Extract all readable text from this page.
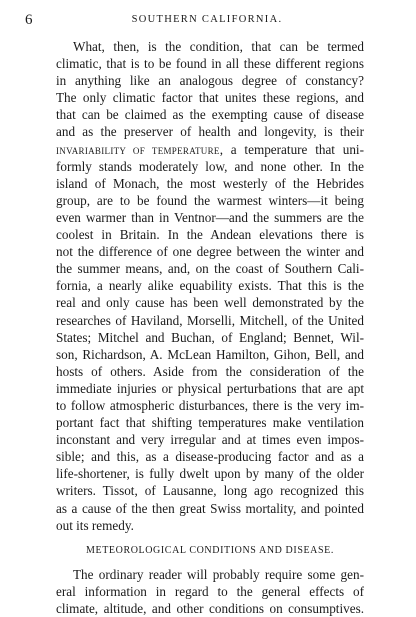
6	SOUTHERN CALIFORNIA.
What, then, is the condition, that can be termed
climatic, that is to be found in all these different regions
in anything like an analogous degree of constancy?
The only climatic factor that unites these regions, and
that can be claimed as the exempting cause of disease
and as the preserver of health and longevity, is their
INVARIABILITY OF TEMPERATURE, a temperature that uni-
formly stands moderately low, and none other. In the
island of Monach, the most westerly of the Hebrides
group, are to be found the warmest winters—it being
even warmer than in Ventnor—and the summers are the
coolest in Britain. In the Andean elevations there is
not the difference of one degree between the winter and
the summer means, and, on the coast of Southern Cali-
fornia, a nearly alike equability exists. That this is the
real and only cause has been well demonstrated by the
researches of Haviland, Morselli, Mitchell, of the United
States; Mitchel and Buchan, of England; Bennet, Wil-
son, Richardson, A. McLean Hamilton, Gihon, Bell, and
hosts of others. Aside from the consideration of the
immediate injuries or physical perturbations that are apt
to follow atmospheric disturbances, there is the very im-
portant fact that shifting temperatures make ventilation
inconstant and very irregular and at times even impos-
sible; and this, as a disease-producing factor and as a
life-shortener, is fully dwelt upon by many of the older
writers. Tissot, of Lausanne, long ago recognized this
as a cause of the then great Swiss mortality, and pointed
out its remedy.
METEOROLOGICAL CONDITIONS AND DISEASE.
The ordinary reader will probably require some gen-
eral information in regard to the general effects of
climate, altitude, and other conditions on consumptives.
